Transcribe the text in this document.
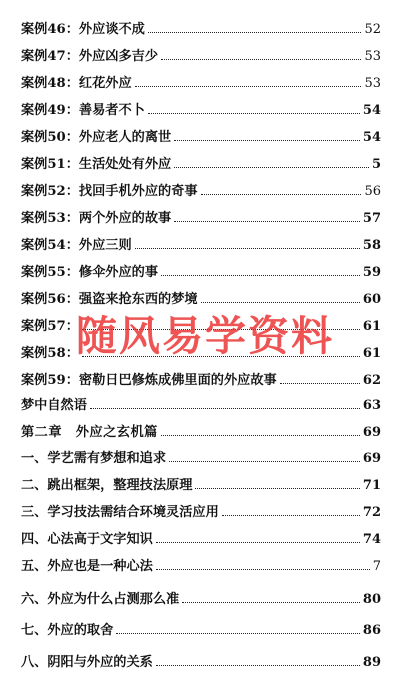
案例46：外应谈不成	52
案例47：外应凶多吉少	53
案例48：红花外应	53
案例49：善易者不卜	54
案例50：外应老人的离世	54
案例51：生活处处有外应	5
案例52：找回手机外应的奇事	56
案例53：两个外应的故事	57
案例54：外应三则	58
案例55：修伞外应的事	59
案例56：强盗来抢东西的梦境	60
案例57：	61
案例58：	61
案例59：密勒日巴修炼成佛里面的外应故事	62
梦中自然语	63
第二章　外应之玄机篇	69
一、学艺需有梦想和追求	69
二、跳出框架，整理技法原理	71
三、学习技法需结合环境灵活应用	72
四、心法高于文字知识	74
五、外应也是一种心法	7
六、外应为什么占测那么准	80
七、外应的取舍	86
八、阴阳与外应的关系	89
随风易学资料
